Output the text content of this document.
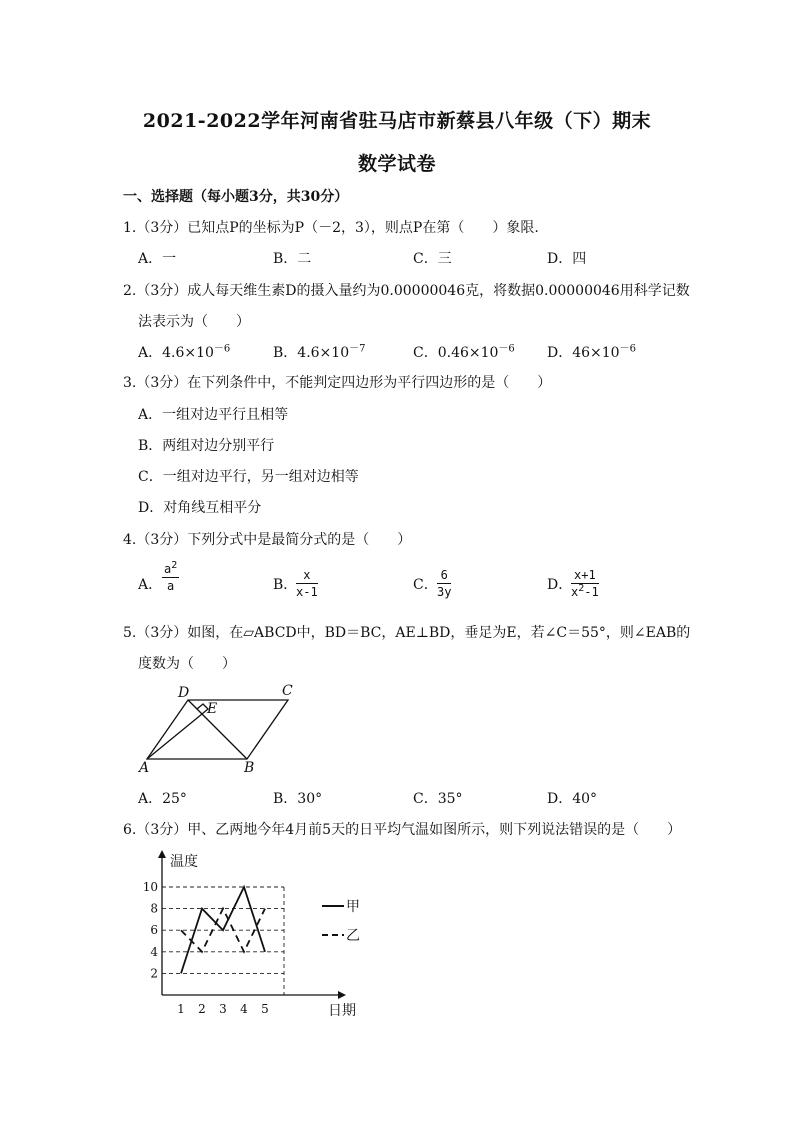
2021-2022学年河南省驻马店市新蔡县八年级（下）期末
数学试卷
一、选择题（每小题3分，共30分）
1.（3分）已知点P的坐标为P（－2，3），则点P在第（　　）象限.
A．一	B．二	C．三	D．四
2.（3分）成人每天维生素D的摄入量约为0.00000046克，将数据0.00000046用科学记数
法表示为（　　）
A．$4.6\times 10^{-6}$	B．$4.6\times 10^{-7}$	C．$0.46\times 10^{-6}$ D．$46\times 10^{-6}$
3.（3分）在下列条件中，不能判定四边形为平行四边形的是（　　）
A．一组对边平行且相等
B．两组对边分别平行
C．一组对边平行，另一组对边相等
D．对角线互相平分
4.（3分）下列分式中是最简分式的是（　　）
A． $\frac{a^2}{a}$	B．
$\frac{x}{x-1}$	C． $\frac{6}{3y}$	D．
$\frac{x+1}{x^2-1}$
5.（3分）如图，在▱ABCD中，BD＝BC，AE⊥BD，垂足为E，若∠C＝55°，则∠EAB的
度数为（　　）
A	B
C
D
E
A．25°	B．30°	C．35°	D．40°
6.（3分）甲、乙两地今年4月前5天的日平均气温如图所示，则下列说法错误的是（　　）
2
4
6
8
10
1 2 3 4 5
温度
日期
甲
乙
